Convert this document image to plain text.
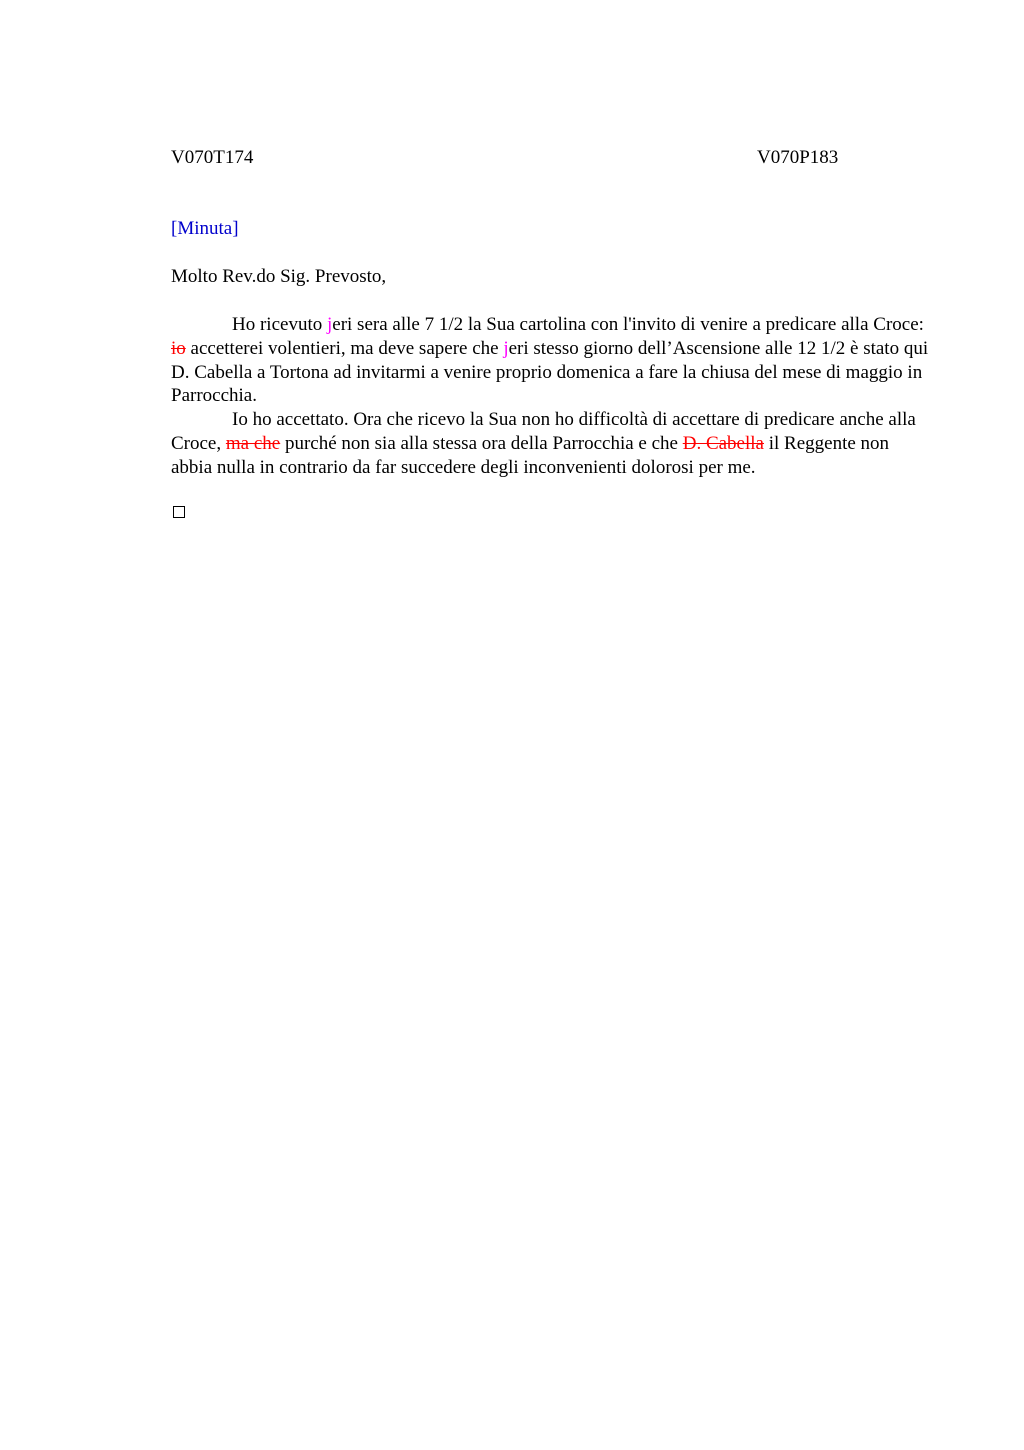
V070T174	V070P183
[Minuta]
Molto Rev.do Sig. Prevosto,

Ho ricevuto jeri sera alle 7 1/2 la Sua cartolina con l'invito di venire a predicare alla Croce: io accetterei volentieri, ma deve sapere che jeri stesso giorno dell’Ascensione alle 12 1/2 è stato qui D. Cabella a Tortona ad invitarmi a venire proprio domenica a fare la chiusa del mese di maggio in Parrocchia.

Io ho accettato. Ora che ricevo la Sua non ho difficoltà di accettare di predicare anche alla Croce, ma che purché non sia alla stessa ora della Parrocchia e che D. Cabella il Reggente non abbia nulla in contrario da far succedere degli inconvenienti dolorosi per me.
